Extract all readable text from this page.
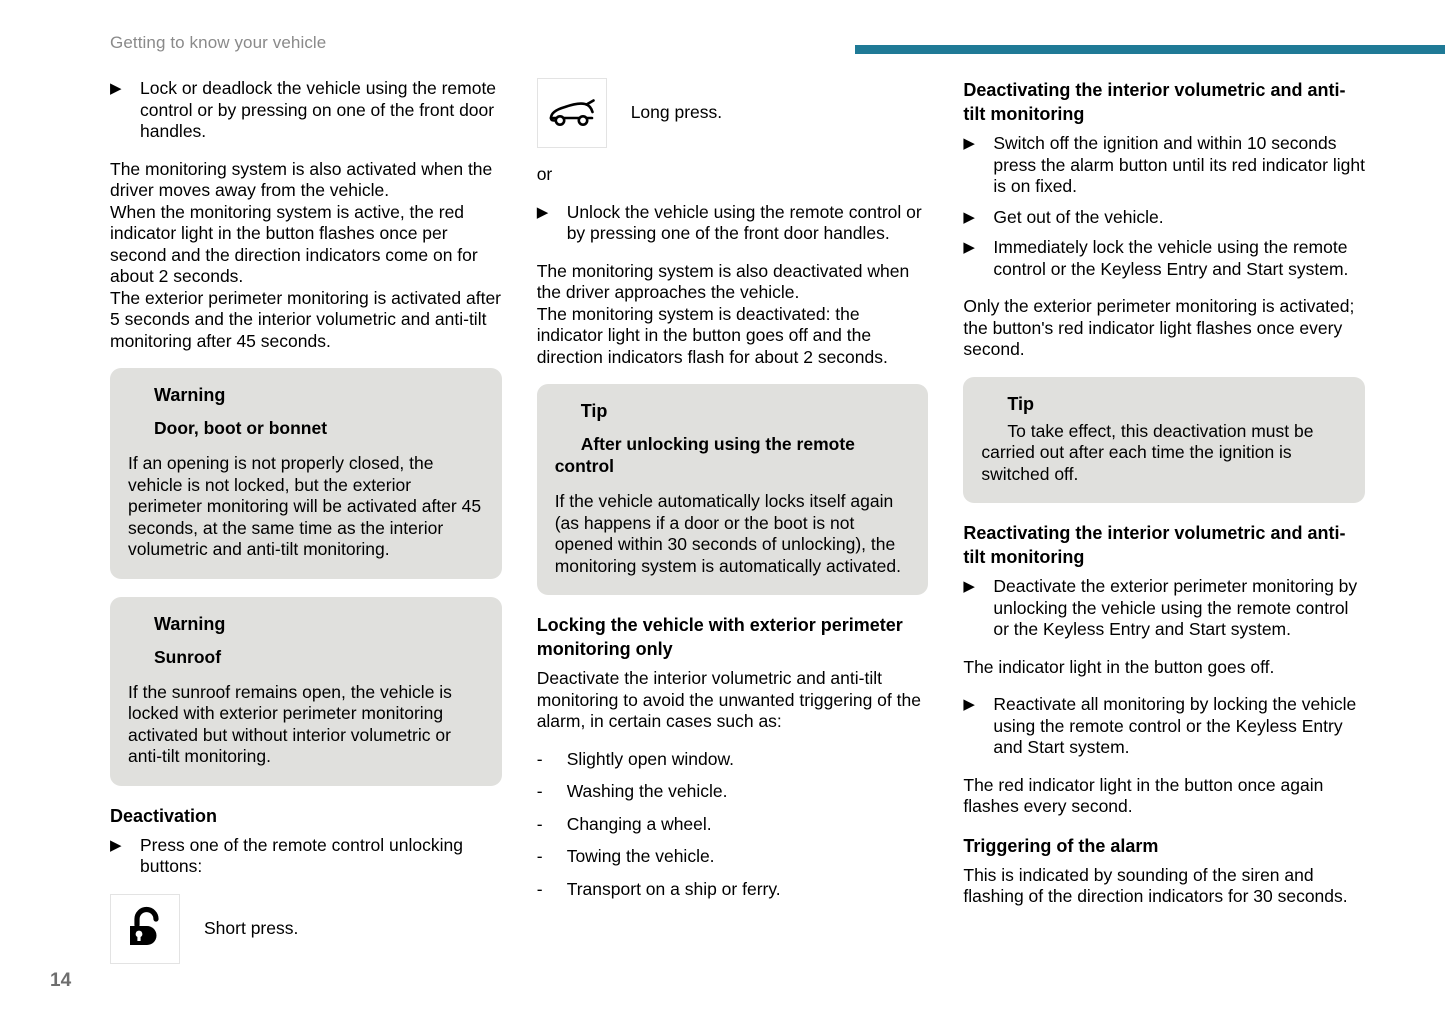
Getting to know your vehicle
▶	Lock or deadlock the vehicle using the remote control or by pressing on one of the front door handles.

The monitoring system is also activated when the driver moves away from the vehicle.

When the monitoring system is active, the red indicator light in the button flashes once per second and the direction indicators come on for about 2 seconds.

The exterior perimeter monitoring is activated after 5 seconds and the interior volumetric and anti-tilt monitoring after 45 seconds.

Warning
Door, boot or bonnet
If an opening is not properly closed, the vehicle is not locked, but the exterior perimeter monitoring will be activated after 45 seconds, at the same time as the interior volumetric and anti-tilt monitoring.
Warning
Sunroof
If the sunroof remains open, the vehicle is locked with exterior perimeter monitoring activated but without interior volumetric or anti-tilt monitoring.
Deactivation
▶	Press one of the remote control unlocking buttons:
Short press.
Long press.

or

▶	Unlock the vehicle using the remote control or by pressing one of the front door handles.

The monitoring system is also deactivated when the driver approaches the vehicle.

The monitoring system is deactivated: the indicator light in the button goes off and the direction indicators flash for about 2 seconds.

Tip
After unlocking using the remote control
If the vehicle automatically locks itself again (as happens if a door or the boot is not opened within 30 seconds of unlocking), the monitoring system is automatically activated.
Locking the vehicle with exterior perimeter monitoring only

Deactivate the interior volumetric and anti-tilt monitoring to avoid the unwanted triggering of the alarm, in certain cases such as:

-	Slightly open window.
-	Washing the vehicle.
-	Changing a wheel.
-	Towing the vehicle.
-	Transport on a ship or ferry.
Deactivating the interior volumetric and anti-tilt monitoring
▶	Switch off the ignition and within 10 seconds press the alarm button until its red indicator light is on fixed.
▶	Get out of the vehicle.
▶	Immediately lock the vehicle using the remote control or the Keyless Entry and Start system.

Only the exterior perimeter monitoring is activated; the button's red indicator light flashes once every second.

Tip
To take effect, this deactivation must be carried out after each time the ignition is switched off.
Reactivating the interior volumetric and anti-tilt monitoring
▶	Deactivate the exterior perimeter monitoring by unlocking the vehicle using the remote control or the Keyless Entry and Start system.

The indicator light in the button goes off.

▶	Reactivate all monitoring by locking the vehicle using the remote control or the Keyless Entry and Start system.

The red indicator light in the button once again flashes every second.

Triggering of the alarm

This is indicated by sounding of the siren and flashing of the direction indicators for 30 seconds.

14
